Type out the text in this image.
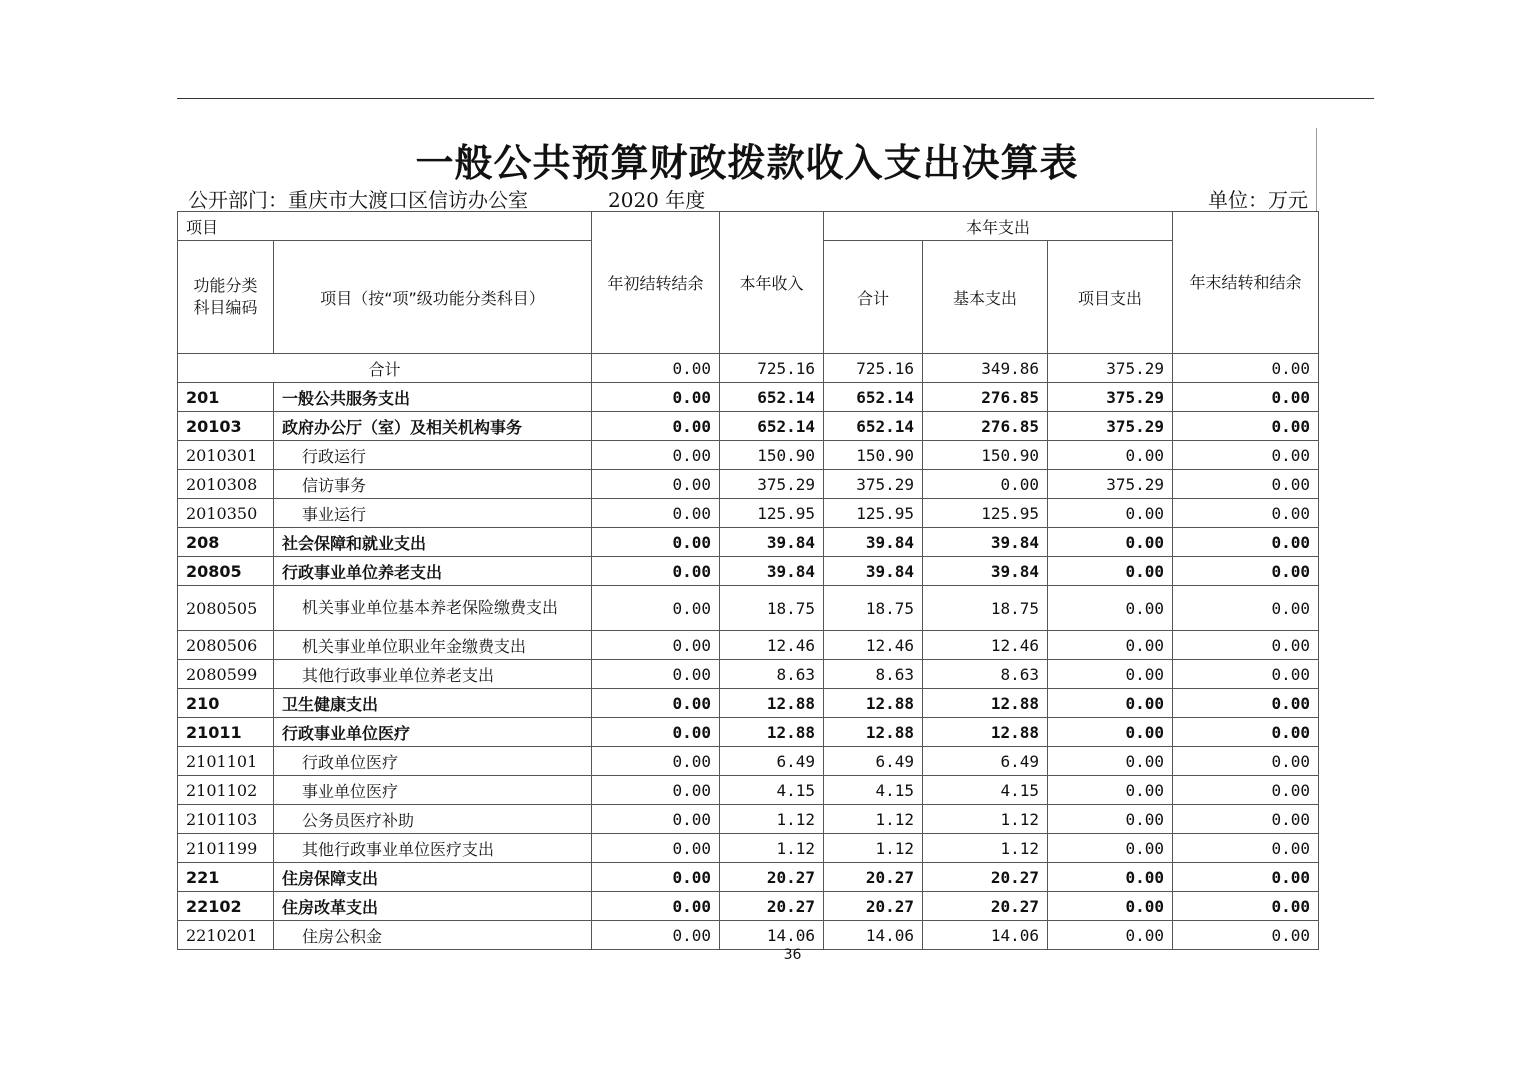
一般公共预算财政拨款收入支出决算表
公开部门：重庆市大渡口区信访办公室	2020 年度	单位：万元
项目		年初结转结余	本年收入	本年支出			年末结转和结余
功能分类科目编码	项目（按“项”级功能分类科目）			合计	基本支出	项目支出	
合计		0.00	725.16	725.16	349.86	375.29	0.00
201	一般公共服务支出	0.00	652.14	652.14	276.85	375.29	0.00
20103	政府办公厅（室）及相关机构事务	0.00	652.14	652.14	276.85	375.29	0.00
2010301	行政运行	0.00	150.90	150.90	150.90	0.00	0.00
2010308	信访事务	0.00	375.29	375.29	0.00	375.29	0.00
2010350	事业运行	0.00	125.95	125.95	125.95	0.00	0.00
208	社会保障和就业支出	0.00	39.84	39.84	39.84	0.00	0.00
20805	行政事业单位养老支出	0.00	39.84	39.84	39.84	0.00	0.00
2080505	机关事业单位基本养老保险缴费支出	0.00	18.75	18.75	18.75	0.00	0.00
2080506	机关事业单位职业年金缴费支出	0.00	12.46	12.46	12.46	0.00	0.00
2080599	其他行政事业单位养老支出	0.00	8.63	8.63	8.63	0.00	0.00
210	卫生健康支出	0.00	12.88	12.88	12.88	0.00	0.00
21011	行政事业单位医疗	0.00	12.88	12.88	12.88	0.00	0.00
2101101	行政单位医疗	0.00	6.49	6.49	6.49	0.00	0.00
2101102	事业单位医疗	0.00	4.15	4.15	4.15	0.00	0.00
2101103	公务员医疗补助	0.00	1.12	1.12	1.12	0.00	0.00
2101199	其他行政事业单位医疗支出	0.00	1.12	1.12	1.12	0.00	0.00
221	住房保障支出	0.00	20.27	20.27	20.27	0.00	0.00
22102	住房改革支出	0.00	20.27	20.27	20.27	0.00	0.00
2210201	住房公积金	0.00	14.06	14.06	14.06	0.00	0.00
36
